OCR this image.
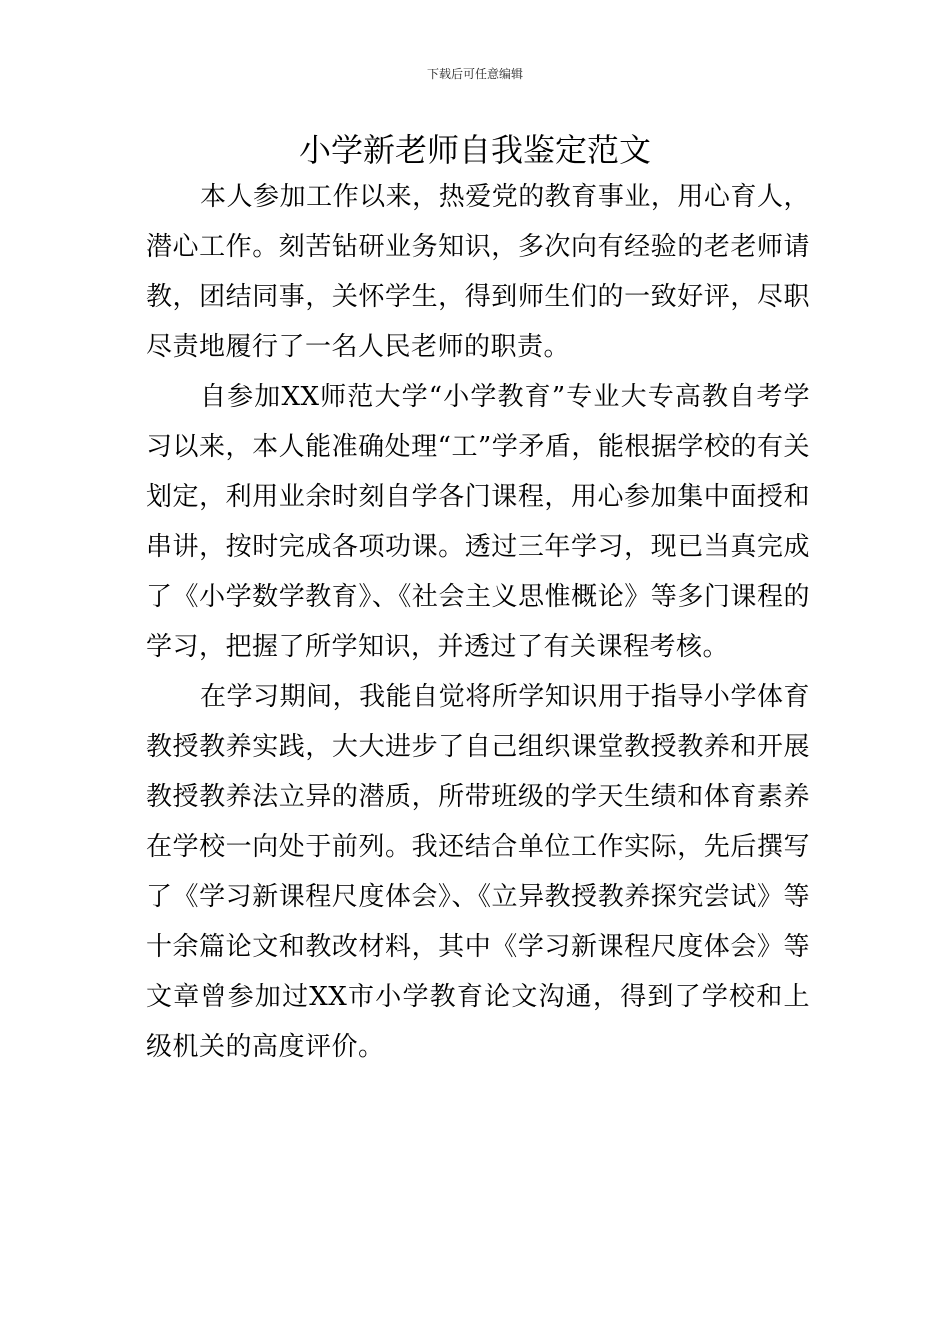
下载后可任意编辑
小学新老师自我鉴定范文

本人参加工作以来，热爱党的教育事业，用心育人，潜心工作。刻苦钻研业务知识，多次向有经验的老老师请教，团结同事，关怀学生，得到师生们的一致好评，尽职尽责地履行了一名人民老师的职责。

自参加XX师范大学“小学教育”专业大专高教自考学习以来，本人能准确处理“工”学矛盾，能根据学校的有关划定，利用业余时刻自学各门课程，用心参加集中面授和串讲，按时完成各项功课。透过三年学习，现已当真完成了《小学数学教育》、《社会主义思惟概论》等多门课程的学习，把握了所学知识，并透过了有关课程考核。

在学习期间，我能自觉将所学知识用于指导小学体育教授教养实践，大大进步了自己组织课堂教授教养和开展教授教养法立异的潜质，所带班级的学天生绩和体育素养在学校一向处于前列。我还结合单位工作实际，先后撰写了《学习新课程尺度体会》、《立异教授教养探究尝试》等十余篇论文和教改材料，其中《学习新课程尺度体会》等文章曾参加过XX市小学教育论文沟通，得到了学校和上级机关的高度评价。
